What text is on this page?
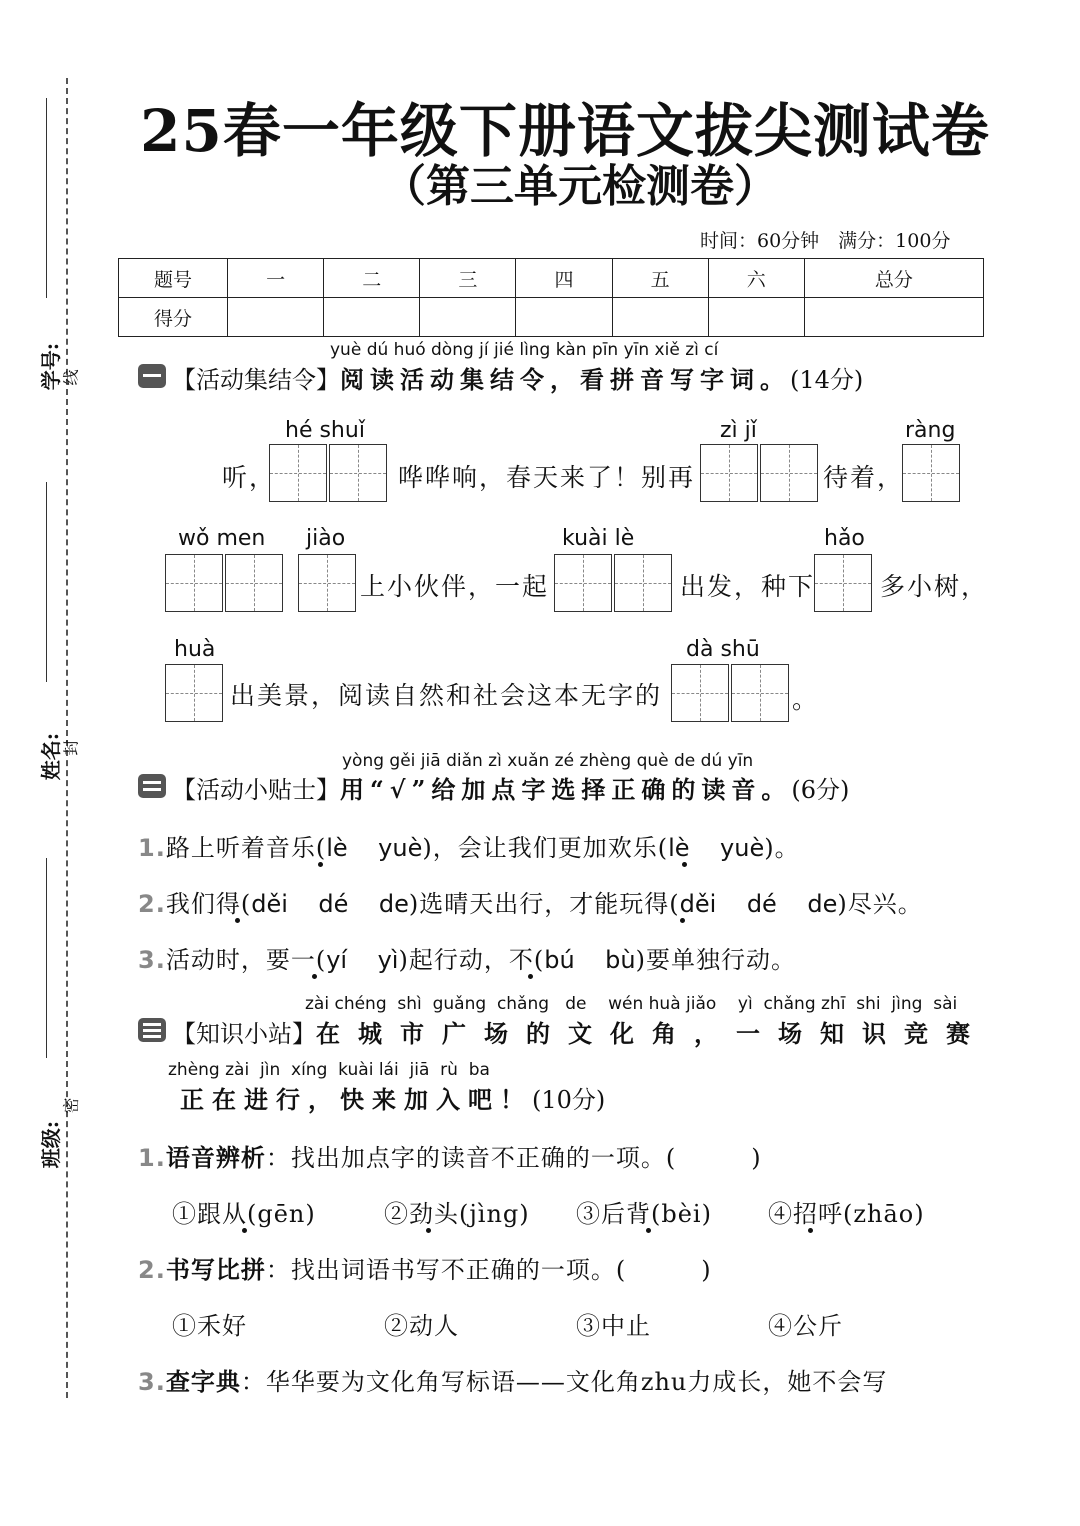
学号:
姓名:
班级:
线
封
密
25春一年级下册语文拔尖测试卷
（第三单元检测卷）
时间：60分钟　满分：100分
题号	一	二	三	四	五	六	总分
得分							
yuè dú huó dòng jí jié lìng kàn pīn yīn xiě zì cí
【活动集结令】阅读活动集结令，看拼音写字词。(14分)
hé shuǐ	zì jǐ	ràng
听，	哗哗响，春天来了！别再	待着，
wǒ men jiào	kuài lè	hǎo
上小伙伴，一起	出发，种下	多小树，
huà	dà shū
出美景，阅读自然和社会这本无字的	。
yòng gěi jiā diǎn zì xuǎn zé zhèng què de dú yīn
【活动小贴士】用“√”给加点字选择正确的读音。(6分)
1.路上听着音乐(lè    yuè)，会让我们更加欢乐(lè    yuè)。
2.我们得(děi    dé    de)选晴天出行，才能玩得(děi    dé    de)尽兴。
3.活动时，要一(yí    yì)起行动，不(bú    bù)要单独行动。
zài chéng  shì  guǎng  chǎng   de    wén huà jiǎo    yì  chǎng zhī  shi  jìng  sài
【知识小站】在城市广场的文化角，一场知识竞赛
zhèng zài  jìn  xíng  kuài lái  jiā  rù  ba
正在进行，快来加入吧！(10分)
1.语音辨析：找出加点字的读音不正确的一项。(　　　)
①跟从(gēn)	②劲头(jìng) ③后背(bèi) ④招呼(zhāo)
2.书写比拼：找出词语书写不正确的一项。(　　　)
①禾好	②动人	③中止	④公斤
3.查字典：华华要为文化角写标语——文化角zhu力成长，她不会写
